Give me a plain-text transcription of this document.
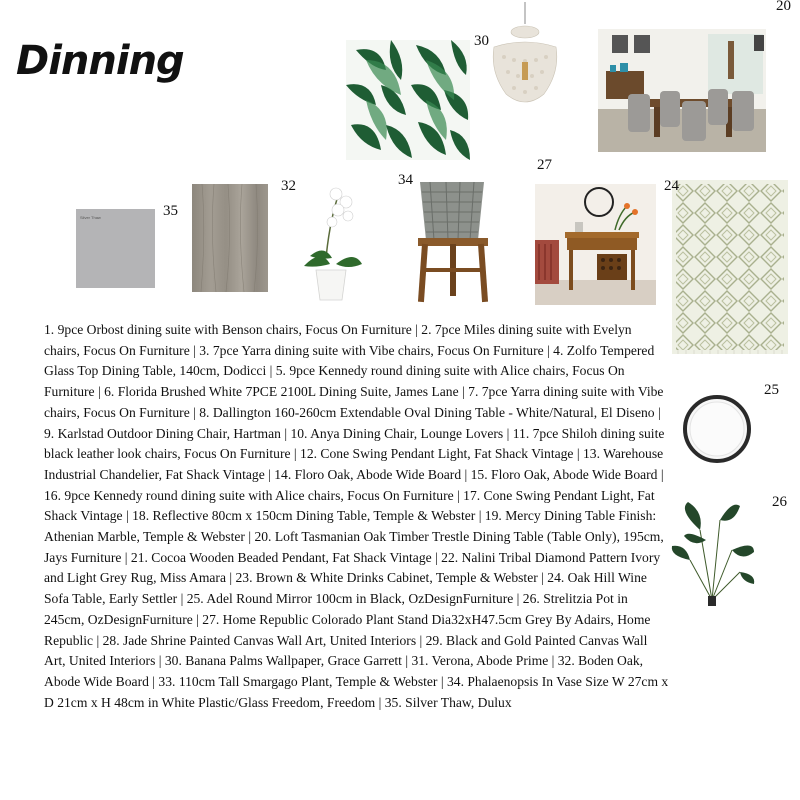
Dinning	30
20
Silver Thaw	35
32	34
27
24
25
26
1. 9pce Orbost dining suite with Benson chairs, Focus On Furniture | 2. 7pce Miles dining suite with Evelyn chairs, Focus On Furniture | 3. 7pce Yarra dining suite with Vibe chairs, Focus On Furniture | 4. Zolfo Tempered Glass Top Dining Table, 140cm, Dodicci | 5. 9pce Kennedy round dining suite with Alice chairs, Focus On Furniture | 6. Florida Brushed White 7PCE 2100L Dining Suite, James Lane | 7. 7pce Yarra dining suite with Vibe chairs, Focus On Furniture | 8. Dallington 160-260cm Extendable Oval Dining Table - White/Natural, El Diseno | 9. Karlstad Outdoor Dining Chair, Hartman | 10. Anya Dining Chair, Lounge Lovers | 11. 7pce Shiloh dining suite black leather look chairs, Focus On Furniture | 12. Cone Swing Pendant Light, Fat Shack Vintage | 13. Warehouse Industrial Chandelier, Fat Shack Vintage | 14. Floro Oak, Abode Wide Board | 15. Floro Oak, Abode Wide Board | 16. 9pce Kennedy round dining suite with Alice chairs, Focus On Furniture | 17. Cone Swing Pendant Light, Fat Shack Vintage | 18. Reflective 80cm x 150cm Dining Table, Temple & Webster | 19. Mercy Dining Table Finish: Athenian Marble, Temple & Webster | 20. Loft Tasmanian Oak Timber Trestle Dining Table (Table Only), 195cm, Jays Furniture | 21. Cocoa Wooden Beaded Pendant, Fat Shack Vintage | 22. Nalini Tribal Diamond Pattern Ivory and Light Grey Rug, Miss Amara | 23. Brown & White Drinks Cabinet, Temple & Webster | 24. Oak Hill Wine Sofa Table, Early Settler | 25. Adel Round Mirror 100cm in Black, OzDesignFurniture | 26. Strelitzia Pot in 245cm, OzDesignFurniture | 27. Home Republic Colorado Plant Stand Dia32xH47.5cm Grey By Adairs, Home Republic | 28. Jade Shrine Painted Canvas Wall Art, United Interiors | 29. Black and Gold Painted Canvas Wall Art, United Interiors | 30. Banana Palms Wallpaper, Grace Garrett | 31. Verona, Abode Prime | 32. Boden Oak, Abode Wide Board | 33. 110cm Tall Smargago Plant, Temple & Webster | 34. Phalaenopsis In Vase Size W 27cm x D 21cm x H 48cm in White Plastic/Glass Freedom, Freedom | 35. Silver Thaw, Dulux
